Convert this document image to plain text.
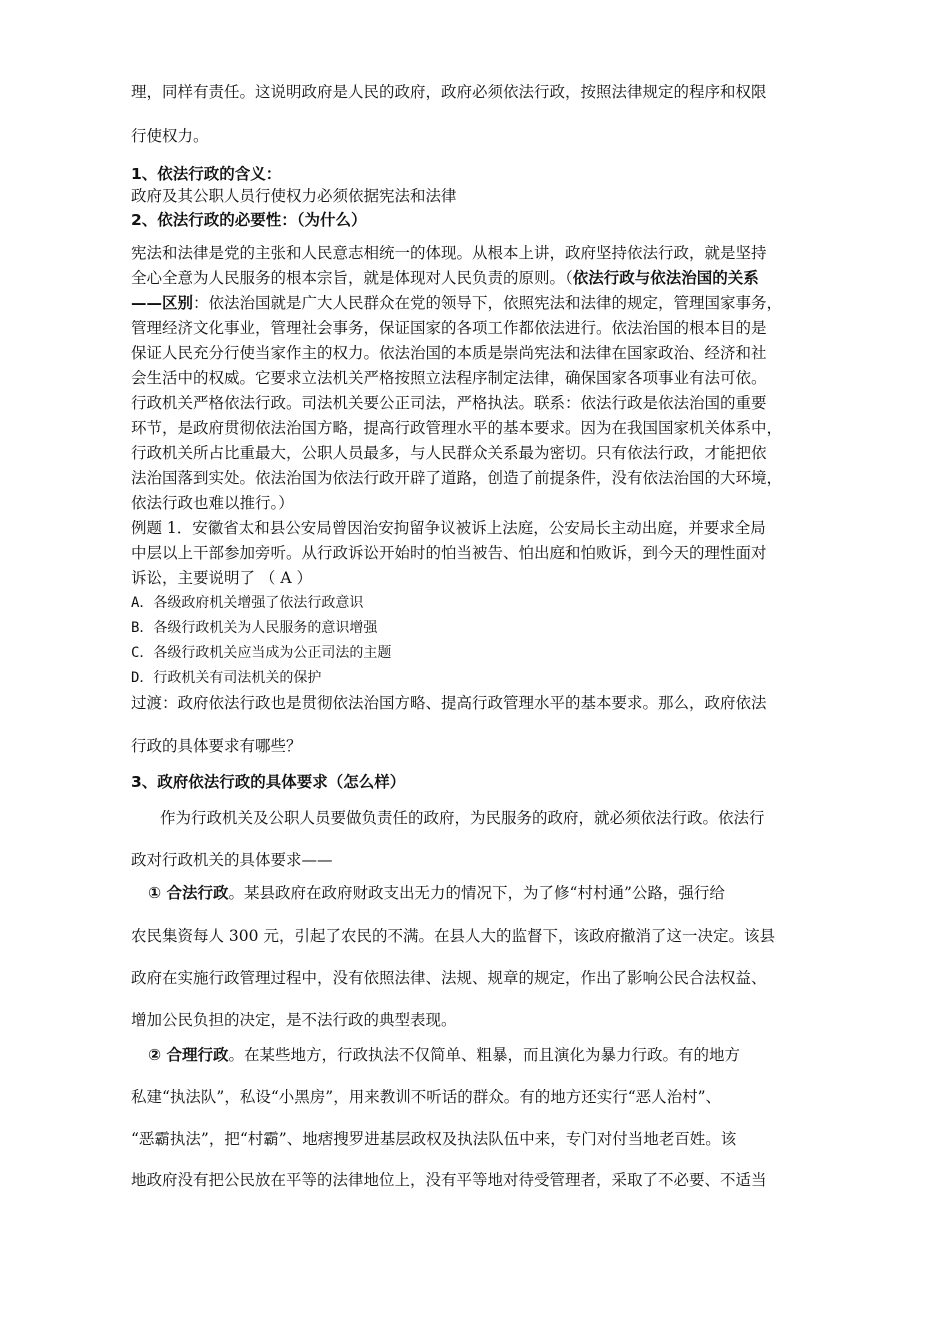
理，同样有责任。这说明政府是人民的政府，政府必须依法行政，按照法律规定的程序和权限
行使权力。
1、依法行政的含义：
政府及其公职人员行使权力必须依据宪法和法律
2、依法行政的必要性：（为什么）
宪法和法律是党的主张和人民意志相统一的体现。从根本上讲，政府坚持依法行政，就是坚持
全心全意为人民服务的根本宗旨，就是体现对人民负责的原则。（依法行政与依法治国的关系
——区别：依法治国就是广大人民群众在党的领导下，依照宪法和法律的规定，管理国家事务，
管理经济文化事业，管理社会事务，保证国家的各项工作都依法进行。依法治国的根本目的是
保证人民充分行使当家作主的权力。依法治国的本质是崇尚宪法和法律在国家政治、经济和社
会生活中的权威。它要求立法机关严格按照立法程序制定法律，确保国家各项事业有法可依。
行政机关严格依法行政。司法机关要公正司法，严格执法。联系：依法行政是依法治国的重要
环节，是政府贯彻依法治国方略，提高行政管理水平的基本要求。因为在我国国家机关体系中，
行政机关所占比重最大，公职人员最多，与人民群众关系最为密切。只有依法行政，才能把依
法治国落到实处。依法治国为依法行政开辟了道路，创造了前提条件，没有依法治国的大环境，
依法行政也难以推行。）
例题 1．安徽省太和县公安局曾因治安拘留争议被诉上法庭，公安局长主动出庭，并要求全局
中层以上干部参加旁听。从行政诉讼开始时的怕当被告、怕出庭和怕败诉，到今天的理性面对
诉讼，主要说明了 （ A ）
A．各级政府机关增强了依法行政意识
B．各级行政机关为人民服务的意识增强
C．各级行政机关应当成为公正司法的主题
D．行政机关有司法机关的保护
过渡：政府依法行政也是贯彻依法治国方略、提高行政管理水平的基本要求。那么，政府依法
行政的具体要求有哪些？
3、政府依法行政的具体要求（怎么样）
作为行政机关及公职人员要做负责任的政府，为民服务的政府，就必须依法行政。依法行
政对行政机关的具体要求——
① 合法行政。某县政府在政府财政支出无力的情况下，为了修“村村通”公路，强行给
农民集资每人 300 元，引起了农民的不满。在县人大的监督下，该政府撤消了这一决定。该县
政府在实施行政管理过程中，没有依照法律、法规、规章的规定，作出了影响公民合法权益、
增加公民负担的决定，是不法行政的典型表现。
② 合理行政。在某些地方，行政执法不仅简单、粗暴，而且演化为暴力行政。有的地方
私建“执法队”，私设“小黑房”，用来教训不听话的群众。有的地方还实行“恶人治村”、
“恶霸执法”，把“村霸”、地痞搜罗进基层政权及执法队伍中来，专门对付当地老百姓。该
地政府没有把公民放在平等的法律地位上，没有平等地对待受管理者，采取了不必要、不适当
